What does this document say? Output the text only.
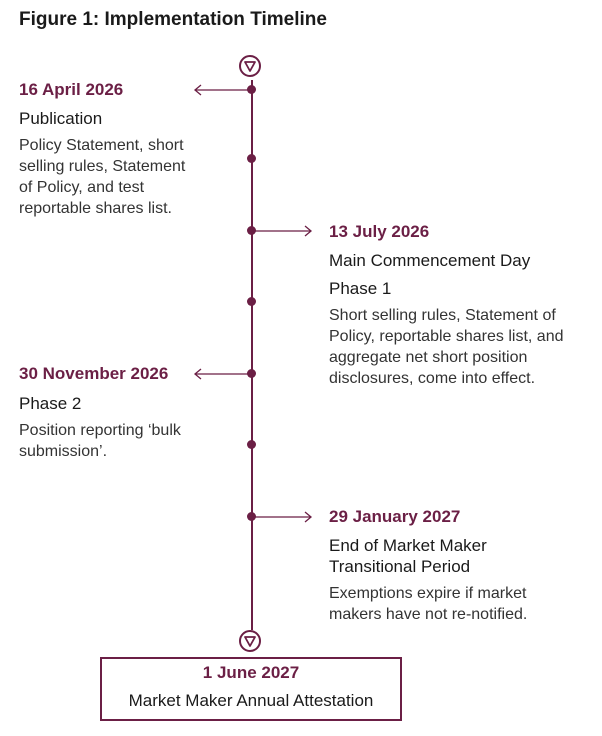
Figure 1: Implementation Timeline
16 April 2026
Publication
Policy Statement, short selling rules, Statement of Policy, and test reportable shares list.
13 July 2026
Main Commencement Day
Phase 1
Short selling rules, Statement of Policy, reportable shares list, and aggregate net short position disclosures, come into effect.
30 November 2026
Phase 2
Position reporting ‘bulk submission’.
29 January 2027
End of Market Maker Transitional Period
Exemptions expire if market makers have not re-notified.
1 June 2027
Market Maker Annual Attestation
